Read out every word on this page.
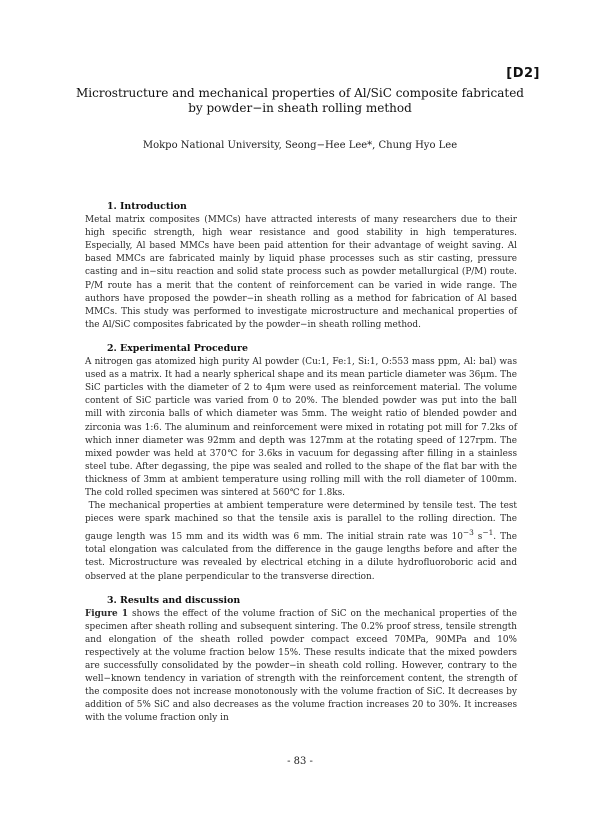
[D2]
Microstructure and mechanical properties of Al/SiC composite fabricated
by powder−in sheath rolling method
Mokpo National University, Seong−Hee Lee*, Chung Hyo Lee
1. Introduction

Metal matrix composites (MMCs) have attracted interests of many researchers due to their high specific strength, high wear resistance and good stability in high temperatures. Especially, Al based MMCs have been paid attention for their advantage of weight saving. Al based MMCs are fabricated mainly by liquid phase processes such as stir casting, pressure casting and in−situ reaction and solid state process such as powder metallurgical (P/M) route. P/M route has a merit that the content of reinforcement can be varied in wide range. The authors have proposed the powder−in sheath rolling as a method for fabrication of Al based MMCs. This study was performed to investigate microstructure and mechanical properties of the Al/SiC composites fabricated by the powder−in sheath rolling method.

2. Experimental Procedure

A nitrogen gas atomized high purity Al powder (Cu:1, Fe:1, Si:1, O:553 mass ppm, Al: bal) was used as a matrix. It had a nearly spherical shape and its mean particle diameter was 36μm. The SiC particles with the diameter of 2 to 4μm were used as reinforcement material. The volume content of SiC particle was varied from 0 to 20%. The blended powder was put into the ball mill with zirconia balls of which diameter was 5mm. The weight ratio of blended powder and zirconia was 1:6. The aluminum and reinforcement were mixed in rotating pot mill for 7.2ks of which inner diameter was 92mm and depth was 127mm at the rotating speed of 127rpm. The mixed powder was held at 370℃ for 3.6ks in vacuum for degassing after filling in a stainless steel tube. After degassing, the pipe was sealed and rolled to the shape of the flat bar with the thickness of 3mm at ambient temperature using rolling mill with the roll diameter of 100mm. The cold rolled specimen was sintered at 560℃ for 1.8ks.

The mechanical properties at ambient temperature were determined by tensile test. The test pieces were spark machined so that the tensile axis is parallel to the rolling direction. The gauge length was 15 mm and its width was 6 mm. The initial strain rate was $10^{-3}$ $s^{-1}$. The total elongation was calculated from the difference in the gauge lengths before and after the test. Microstructure was revealed by electrical etching in a dilute hydrofluoroboric acid and observed at the plane perpendicular to the transverse direction.

3. Results and discussion

Figure 1 shows the effect of the volume fraction of SiC on the mechanical properties of the specimen after sheath rolling and subsequent sintering. The 0.2% proof stress, tensile strength and elongation of the sheath rolled powder compact exceed 70MPa, 90MPa and 10% respectively at the volume fraction below 15%. These results indicate that the mixed powders are successfully consolidated by the powder−in sheath cold rolling. However, contrary to the well−known tendency in variation of strength with the reinforcement content, the strength of the composite does not increase monotonously with the volume fraction of SiC. It decreases by addition of 5% SiC and also decreases as the volume fraction increases 20 to 30%. It increases with the volume fraction only in

- 83 -
